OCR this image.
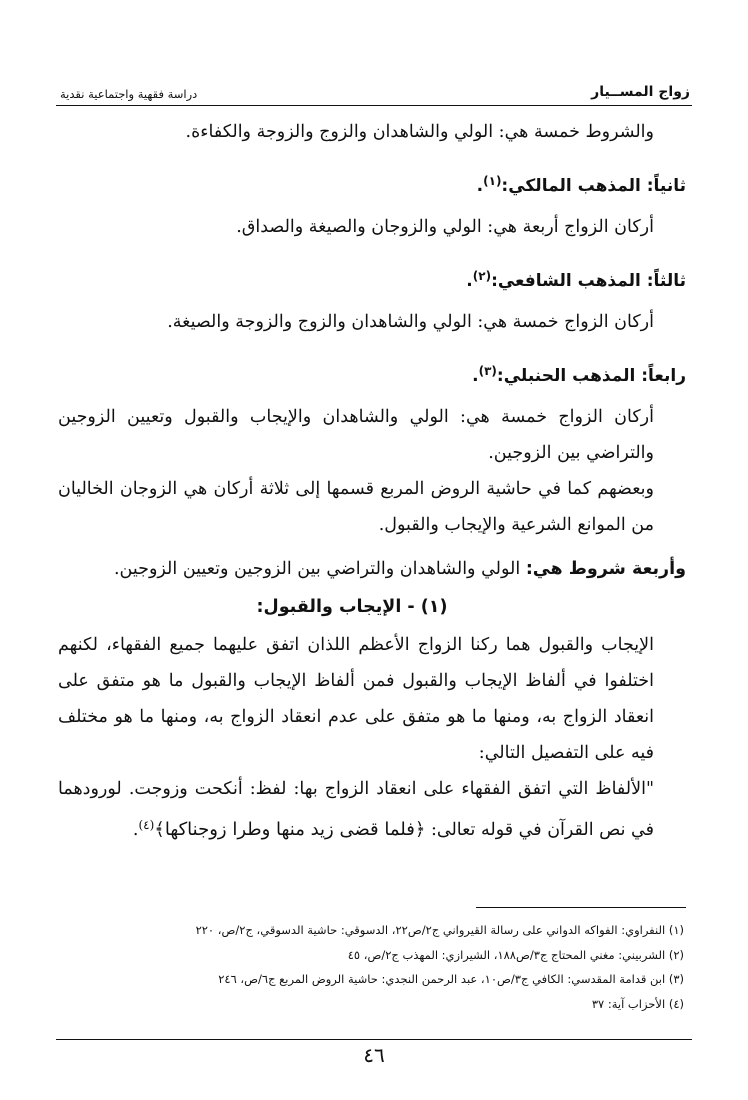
زواج المســيار
دراسة فقهية واجتماعية نقدية

والشروط خمسة هي: الولي والشاهدان والزوج والزوجة والكفاءة.

ثانياً: المذهب المالكي:$^{(١)}$.

أركان الزواج أربعة هي: الولي والزوجان والصيغة والصداق.

ثالثاً: المذهب الشافعي:$^{(٢)}$.

أركان الزواج خمسة هي: الولي والشاهدان والزوج والزوجة والصيغة.

رابعاً: المذهب الحنبلي:$^{(٣)}$.

أركان الزواج خمسة هي: الولي والشاهدان والإيجاب والقبول وتعيين الزوجين والتراضي بين الزوجين.

وبعضهم كما في حاشية الروض المربع قسمها إلى ثلاثة أركان هي الزوجان الخاليان من الموانع الشرعية والإيجاب والقبول.

وأربعة شروط هي: الولي والشاهدان والتراضي بين الزوجين وتعيين الزوجين.

(١) - الإيجاب والقبول:

الإيجاب والقبول هما ركنا الزواج الأعظم اللذان اتفق عليهما جميع الفقهاء، لكنهم اختلفوا في ألفاظ الإيجاب والقبول فمن ألفاظ الإيجاب والقبول ما هو متفق على انعقاد الزواج به، ومنها ما هو متفق على عدم انعقاد الزواج به، ومنها ما هو مختلف فيه على التفصيل التالي:

"الألفاظ التي اتفق الفقهاء على انعقاد الزواج بها: لفظ: أنكحت وزوجت. لورودهما في نص القرآن في قوله تعالى: ﴿فلما قضى زيد منها وطرا زوجناكها﴾$^{(٤)}$.

(١) النفراوي: الفواكه الدواني على رسالة القيرواني ج٢/ص٢٢، الدسوقي: حاشية الدسوقي، ج٢/ص، ٢٢٠

(٢) الشربيني: مغني المحتاج ج٣/ص١٨٨، الشيرازي: المهذب ج٢/ص، ٤٥

(٣) ابن قدامة المقدسي: الكافي ج٣/ص١٠، عبد الرحمن النجدي: حاشية الروض المربع ج٦/ص، ٢٤٦

(٤) الأحزاب آية: ٣٧

٤٦
